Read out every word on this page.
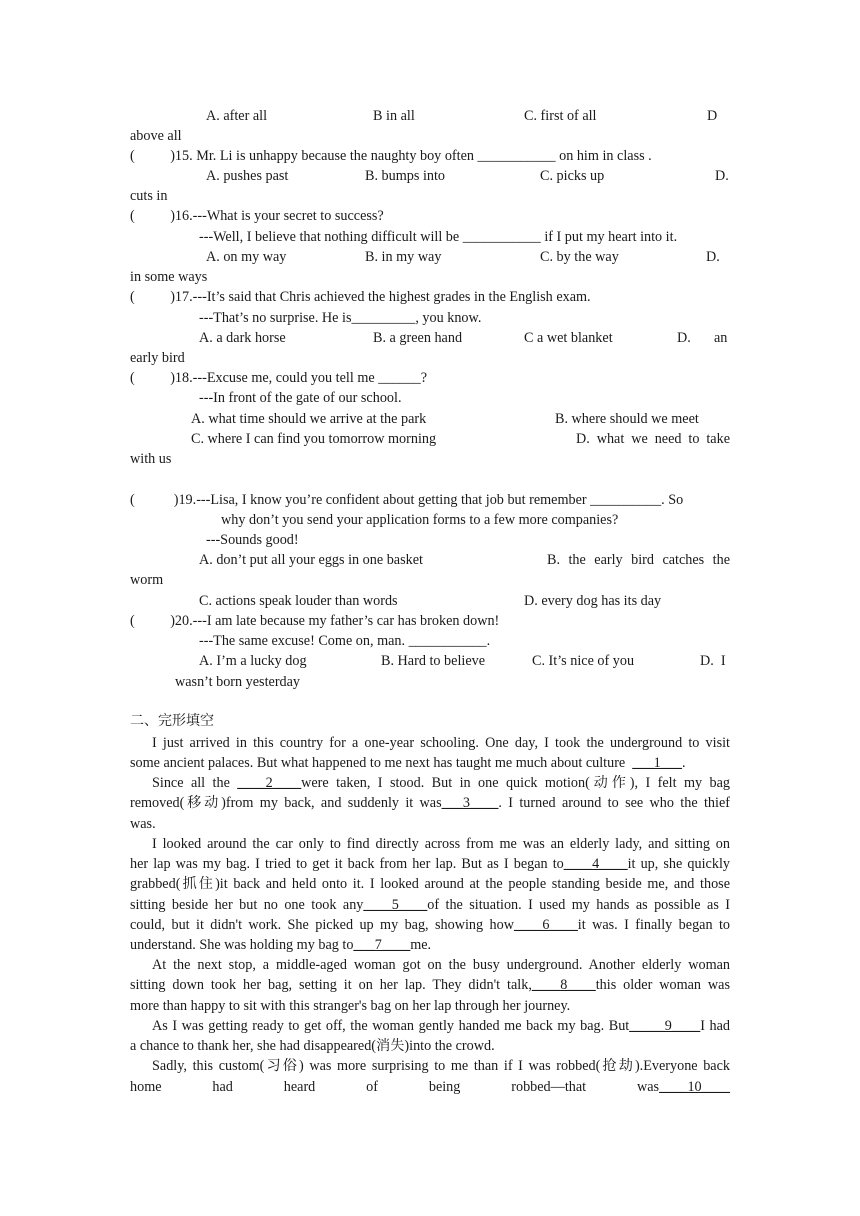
A. after all	B in all	C. first of all	D
above all
(          )15. Mr. Li is unhappy because the naughty boy often ___________ on him in class .
A. pushes past	B. bumps into	C. picks up	D.
cuts in
(          )16.---What is your secret to success?
---Well, I believe that nothing difficult will be ___________ if I put my heart into it.
A. on my way	B. in my way	C. by the way	D.
in some ways
(          )17.---It’s said that Chris achieved the highest grades in the English exam.
---That’s no surprise. He is_________, you know.
A. a dark horse	B. a green hand	C a wet blanket	D. an
early bird
(          )18.---Excuse me, could you tell me ______?
---In front of the gate of our school.
A. what time should we arrive at the park	B. where should we meet
C. where I can find you tomorrow morning	D. what we need to take
with us
(           )19.---Lisa, I know you’re confident about getting that job but remember __________. So
why don’t you send your application forms to a few more companies?
---Sounds good!
A. don’t put all your eggs in one basket	B. the early bird catches the
worm
C. actions speak louder than words	D. every dog has its day
(          )20.---I am late because my father’s car has broken down!
---The same excuse! Come on, man. ___________.
A. I’m a lucky dog	B. Hard to believe	C. It’s nice of you	D.  I
wasn’t born yesterday
二、完形填空
I just arrived in this country for a one-year schooling. One day, I took the underground to visit
some ancient palaces. But what happened to me next has taught me much about culture ___1___.
Since all the ____2____were taken, I stood. But in one quick motion(动作), I felt my bag
removed(移动)from my back, and suddenly it was___3____. I turned around to see who the thief
was.
I looked around the car only to find directly across from me was an elderly lady, and sitting on
her lap was my bag. I tried to get it back from her lap. But as I began to____4____it up, she quickly
grabbed(抓住)it back and held onto it. I looked around at the people standing beside me, and those
sitting beside her but no one took any____5____of the situation. I used my hands as possible as I
could, but it didn't work. She picked up my bag, showing how____6____it was. I finally began to
understand. She was holding my bag to___7____me.
At the next stop, a middle-aged woman got on the busy underground. Another elderly woman
sitting down took her bag, setting it on her lap. They didn't talk,____8____this older woman was
more than happy to sit with this stranger's bag on her lap through her journey.
As I was getting ready to get off, the woman gently handed me back my bag. But_____9____I had
a chance to thank her, she had disappeared(消失)into the crowd.
Sadly, this custom(习俗) was more surprising to me than if I was robbed(抢劫).Everyone back
home had heard of being robbed—that was____10____
